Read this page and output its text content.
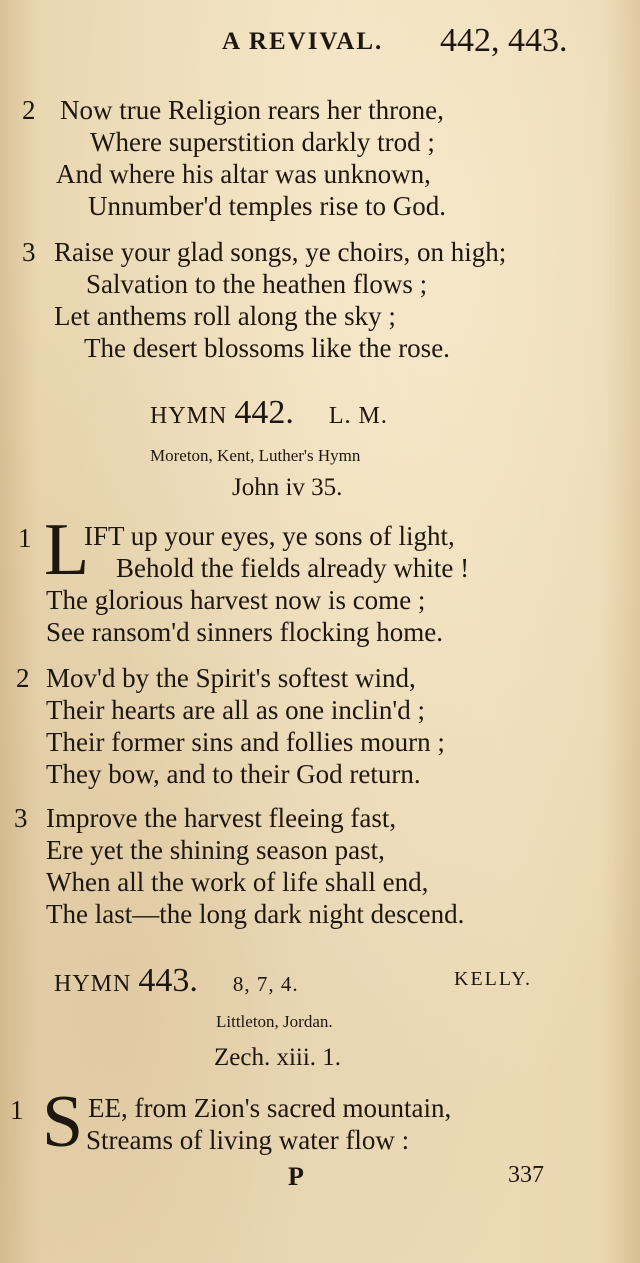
A REVIVAL. 442, 443.
2 Now true Religion rears her throne,
Where superstition darkly trod ;
And where his altar was unknown,
Unnumber'd temples rise to God.
3 Raise your glad songs, ye choirs, on high;
Salvation to the heathen flows ;
Let anthems roll along the sky ;
The desert blossoms like the rose.
HYMN 442. L. M.
Moreton, Kent, Luther's Hymn
John iv 35.
1 L
IFT up your eyes, ye sons of light,
Behold the fields already white !
The glorious harvest now is come ;
See ransom'd sinners flocking home.
2 Mov'd by the Spirit's softest wind,
Their hearts are all as one inclin'd ;
Their former sins and follies mourn ;
They bow, and to their God return.
3 Improve the harvest fleeing fast,
Ere yet the shining season past,
When all the work of life shall end,
The last—the long dark night descend.
HYMN 443. 8, 7, 4.	KELLY.
Littleton, Jordan.
Zech. xiii. 1.
1 S EE, from Zion's sacred mountain,
Streams of living water flow :
P	337
